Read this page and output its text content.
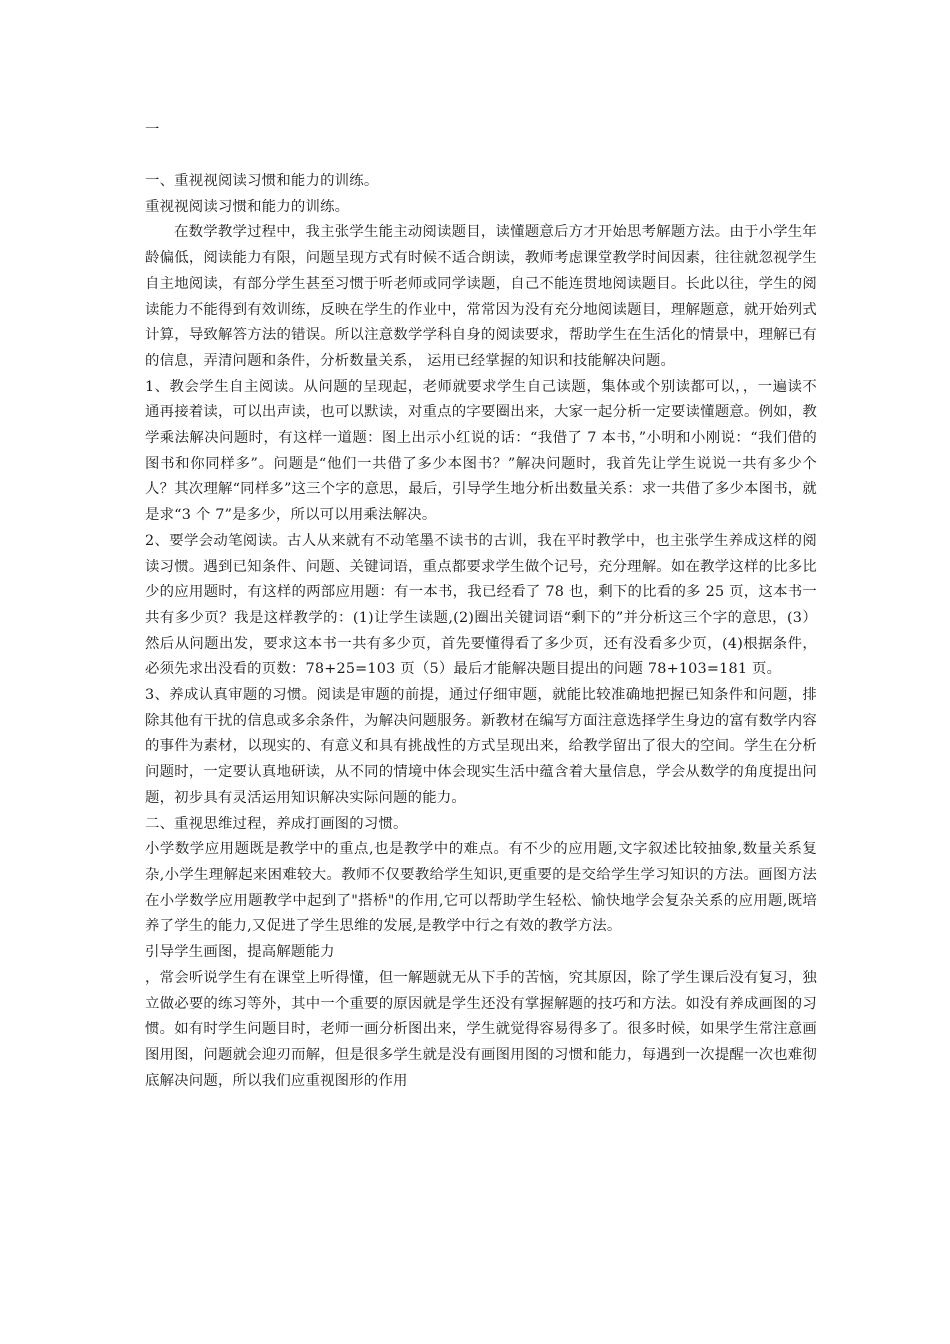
一

一、重视视阅读习惯和能力的训练。

重视视阅读习惯和能力的训练。

在数学教学过程中，我主张学生能主动阅读题目，读懂题意后方才开始思考解题方法。由于小学生年龄偏低，阅读能力有限，问题呈现方式有时候不适合朗读，教师考虑课堂教学时间因素，往往就忽视学生自主地阅读，有部分学生甚至习惯于听老师或同学读题，自己不能连贯地阅读题目。长此以往，学生的阅读能力不能得到有效训练，反映在学生的作业中，常常因为没有充分地阅读题目，理解题意，就开始列式计算，导致解答方法的错误。所以注意数学学科自身的阅读要求，帮助学生在生活化的情景中，理解已有的信息，弄清问题和条件，分析数量关系， 运用已经掌握的知识和技能解决问题。

1、教会学生自主阅读。从问题的呈现起，老师就要求学生自己读题，集体或个别读都可以，，一遍读不通再接着读，可以出声读，也可以默读，对重点的字要圈出来，大家一起分析一定要读懂题意。例如，教学乘法解决问题时，有这样一道题：图上出示小红说的话：“我借了 7 本书，”小明和小刚说：“我们借的图书和你同样多”。问题是“他们一共借了多少本图书？”解决问题时，我首先让学生说说一共有多少个人？其次理解“同样多”这三个字的意思，最后，引导学生地分析出数量关系：求一共借了多少本图书，就是求“3 个 7”是多少，所以可以用乘法解决。

2、要学会动笔阅读。古人从来就有不动笔墨不读书的古训，我在平时教学中，也主张学生养成这样的阅读习惯。遇到已知条件、问题、关键词语，重点都要求学生做个记号，充分理解。如在教学这样的比多比少的应用题时，有这样的两部应用题：有一本书，我已经看了 78 也，剩下的比看的多 25 页，这本书一共有多少页？我是这样教学的：(1)让学生读题,(2)圈出关键词语“剩下的”并分析这三个字的意思，(3）然后从问题出发，要求这本书一共有多少页，首先要懂得看了多少页，还有没看多少页，(4)根据条件，必须先求出没看的页数：78+25=103 页（5）最后才能解决题目提出的问题 78+103=181 页。

3、养成认真审题的习惯。阅读是审题的前提，通过仔细审题，就能比较准确地把握已知条件和问题，排除其他有干扰的信息或多余条件，为解决问题服务。新教材在编写方面注意选择学生身边的富有数学内容的事件为素材，以现实的、有意义和具有挑战性的方式呈现出来，给教学留出了很大的空间。学生在分析问题时，一定要认真地研读，从不同的情境中体会现实生活中蕴含着大量信息，学会从数学的角度提出问题，初步具有灵活运用知识解决实际问题的能力。

二、重视思维过程，养成打画图的习惯。

小学数学应用题既是教学中的重点,也是教学中的难点。有不少的应用题,文字叙述比较抽象,数量关系复杂,小学生理解起来困难较大。教师不仅要教给学生知识,更重要的是交给学生学习知识的方法。画图方法在小学数学应用题教学中起到了"搭桥"的作用,它可以帮助学生轻松、愉快地学会复杂关系的应用题,既培养了学生的能力,又促进了学生思维的发展,是教学中行之有效的教学方法。

引导学生画图，提高解题能力

，常会听说学生有在课堂上听得懂，但一解题就无从下手的苦恼，究其原因，除了学生课后没有复习，独立做必要的练习等外，其中一个重要的原因就是学生还没有掌握解题的技巧和方法。如没有养成画图的习惯。如有时学生问题目时，老师一画分析图出来，学生就觉得容易得多了。很多时候，如果学生常注意画图用图，问题就会迎刃而解，但是很多学生就是没有画图用图的习惯和能力，每遇到一次提醒一次也难彻底解决问题，所以我们应重视图形的作用
